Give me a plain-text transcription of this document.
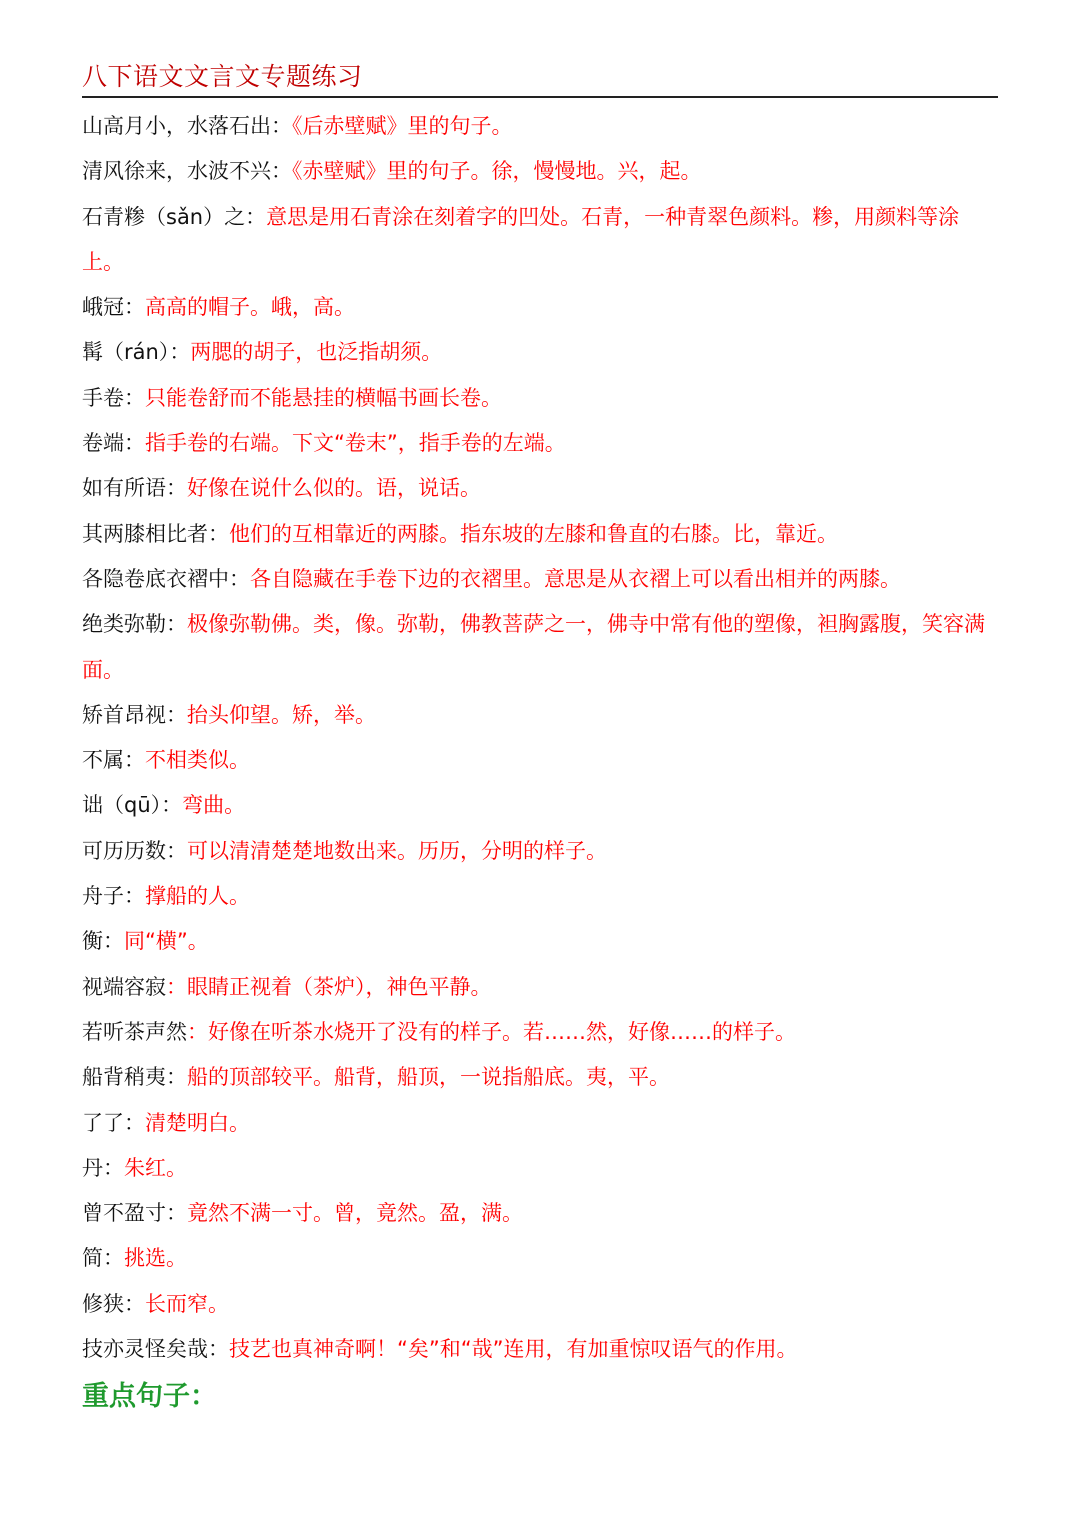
八下语文文言文专题练习

山高月小，水落石出：《后赤壁赋》里的句子。

清风徐来，水波不兴：《赤壁赋》里的句子。徐，慢慢地。兴，起。

石青糁（sǎn）之：意思是用石青涂在刻着字的凹处。石青，一种青翠色颜料。糁，用颜料等涂上。

峨冠：高高的帽子。峨，高。

髯（rán）：两腮的胡子，也泛指胡须。

手卷：只能卷舒而不能悬挂的横幅书画长卷。

卷端：指手卷的右端。下文“卷末”，指手卷的左端。

如有所语：好像在说什么似的。语，说话。

其两膝相比者：他们的互相靠近的两膝。指东坡的左膝和鲁直的右膝。比，靠近。

各隐卷底衣褶中：各自隐藏在手卷下边的衣褶里。意思是从衣褶上可以看出相并的两膝。

绝类弥勒：极像弥勒佛。类，像。弥勒，佛教菩萨之一，佛寺中常有他的塑像，袒胸露腹，笑容满面。

矫首昂视：抬头仰望。矫，举。

不属：不相类似。

诎（qū）：弯曲。

可历历数：可以清清楚楚地数出来。历历，分明的样子。

舟子：撑船的人。

衡：同“横”。

视端容寂：眼睛正视着（茶炉），神色平静。

若听茶声然：好像在听茶水烧开了没有的样子。若……然，好像……的样子。

船背稍夷：船的顶部较平。船背，船顶，一说指船底。夷，平。

了了：清楚明白。

丹：朱红。

曾不盈寸：竟然不满一寸。曾，竟然。盈，满。

简：挑选。

修狭：长而窄。

技亦灵怪矣哉：技艺也真神奇啊！“矣”和“哉”连用，有加重惊叹语气的作用。

重点句子：
